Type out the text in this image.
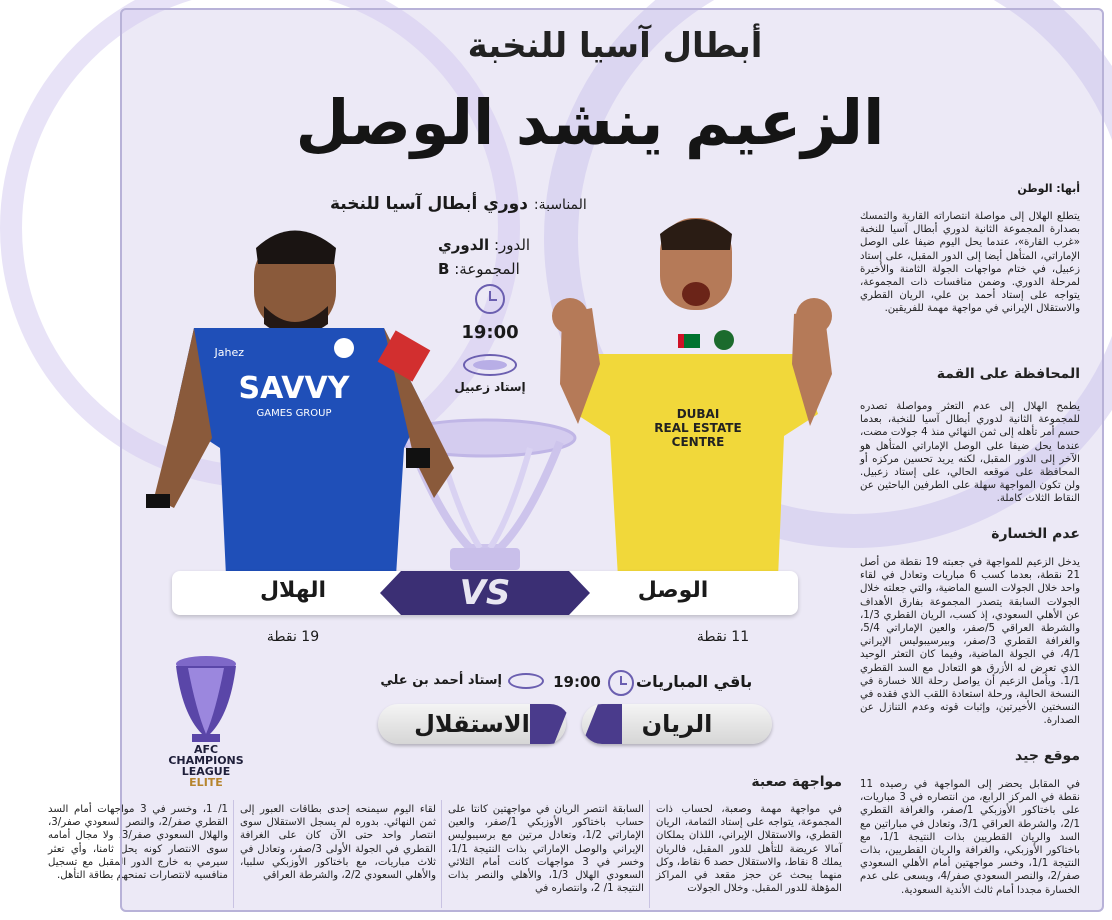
أبطال آسيا للنخبة
الزعيم ينشد الوصل
SAVVY
GAMES GROUP
Jahez
DUBAI
REAL ESTATE
CENTRE
المناسبة: دوري أبطال آسيا للنخبة
الدور: الدوري
المجموعة: B
19:00
إستاد زعبيل
VS
الهلال	الوصل
19 نقطة	11 نقطة
AFC
CHAMPIONS
LEAGUE
ELITE
باقي المباريات
19:00
إستاد أحمد بن علي
الريان
الاستقلال
أبها: الوطن
يتطلع الهلال إلى مواصلة انتصاراته القارية والتمسك بصدارة المجموعة الثانية لدوري أبطال آسيا للنخبة «غرب القارة»، عندما يحل اليوم ضيفا على الوصل الإماراتي، المتأهل أيضا إلى الدور المقبل، على إستاد زعبيل، في ختام مواجهات الجولة الثامنة والأخيرة لمرحلة الدوري. وضمن منافسات ذات المجموعة، يتواجه على إستاد أحمد بن علي، الريان القطري والاستقلال الإيراني في مواجهة مهمة للفريقين.
المحافظة على القمة
يطمح الهلال إلى عدم التعثر ومواصلة تصدره للمجموعة الثانية لدوري أبطال آسيا للنخبة، بعدما حسم أمر تأهله إلى ثمن النهائي منذ 4 جولات مضت، عندما يحل ضيفا على الوصل الإماراتي المتأهل هو الآخر إلى الدور المقبل، لكنه يريد تحسين مركزه أو المحافظة على موقعه الحالي، على إستاد زعبيل. ولن تكون المواجهة سهلة على الطرفين الباحثين عن النقاط الثلاث كاملة.
عدم الخسارة
يدخل الزعيم للمواجهة في جعبته 19 نقطة من أصل 21 نقطة، بعدما كسب 6 مباريات وتعادل في لقاء واحد خلال الجولات السبع الماضية، والتي جعلته خلال الجولات السابقة يتصدر المجموعة بفارق الأهداف عن الأهلي السعودي، إذ كسب، الريان القطري 1/3، والشرطة العراقي 5/صفر، والعين الإماراتي 5/4، والغرافة القطري 3/صفر، وبيرسيبوليس الإيراني 4/1، في الجولة الماضية، وفيما كان التعثر الوحيد الذي تعرض له الأزرق هو التعادل مع السد القطري 1/1. ويأمل الزعيم أن يواصل رحلة اللا خسارة في النسخة الحالية، ورحلة استعادة اللقب الذي فقده في النسختين الأخيرتين، وإثبات قوته وعدم التنازل عن الصدارة.
موقع جيد
في المقابل يحضر إلى المواجهة في رصيده 11 نقطة في المركز الرابع، من انتصاره في 3 مباريات، على باختاكور الأوزبكي 1/صفر، والغرافة القطري 2/1، والشرطة العراقي 3/1، وتعادل في مباراتين مع السد والريان القطريين بذات النتيجة 1/1، مع باختاكور الأوزبكي، والغرافة والريان القطريين، بذات النتيجة 1/1، وخسر مواجهتين أمام الأهلي السعودي صفر/2، والنصر السعودي صفر/4، ويسعى على عدم الخسارة مجددا أمام ثالث الأندية السعودية.
مواجهة صعبة
في مواجهة مهمة وصعبة، لحساب ذات المجموعة، يتواجه على إستاد الثمامة، الريان القطري، والاستقلال الإيراني، اللذان يملكان آمالا عريضة للتأهل للدور المقبل، فالريان يملك 8 نقاط، والاستقلال حصد 6 نقاط، وكل منهما يبحث عن حجز مقعد في المراكز المؤهلة للدور المقبل. وخلال الجولات
السابقة انتصر الريان في مواجهتين كانتا على حساب باختاكور الأوزبكي 1/صفر، والعين الإماراتي 1/2، وتعادل مرتين مع برسيبوليس الإيراني والوصل الإماراتي بذات النتيجة 1/1، وخسر في 3 مواجهات كانت أمام الثلاثي السعودي الهلال 1/3، والأهلي والنصر بذات النتيجة 1/ 2، وانتصاره في
لقاء اليوم سيمنحه إحدى بطاقات العبور إلى ثمن النهائي. بدوره لم يسجل الاستقلال سوى انتصار واحد حتى الآن كان على الغرافة القطري في الجولة الأولى 3/صفر، وتعادل في ثلاث مباريات، مع باختاكور الأوزبكي سلبيا، والأهلي السعودي 2/2، والشرطة العراقي
1/ 1، وخسر في 3 مواجهات أمام السد القطري صفر/2، والنصر السعودي صفر/3، والهلال السعودي صفر/3، ولا مجال أمامه سوى الانتصار كونه يحل ثامنا، وأي تعثر سيرمي به خارج الدور المقبل مع تسجيل منافسيه لانتصارات تمنحهم بطاقة التأهل.
